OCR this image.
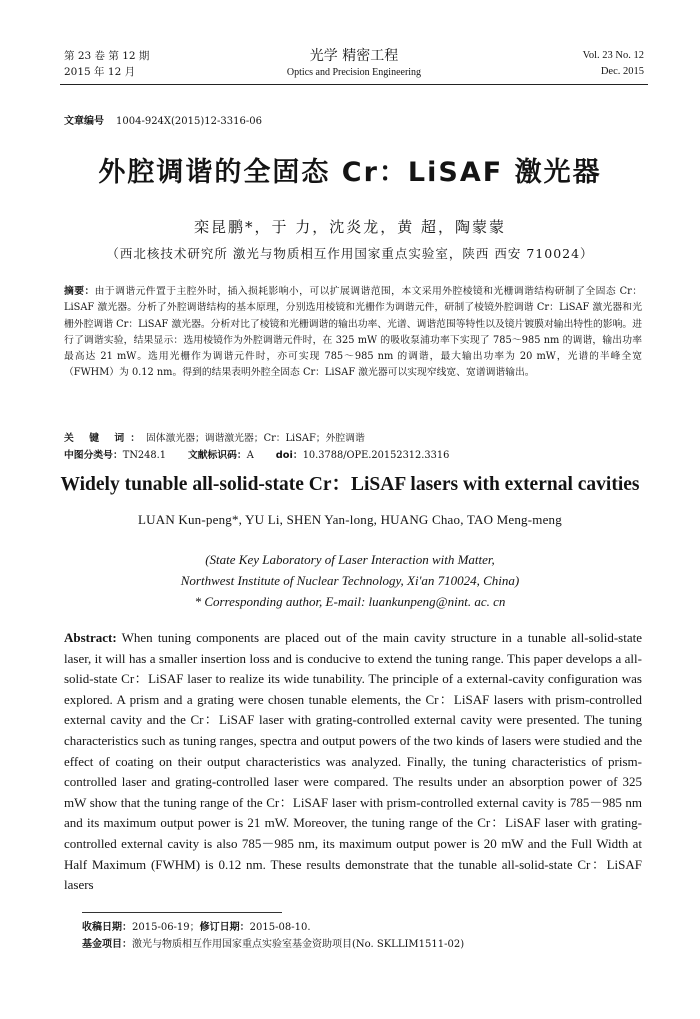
第 23 卷 第 12 期
2015 年 12 月
光学 精密工程
Optics and Precision Engineering
Vol. 23 No. 12
Dec. 2015
文章编号 1004-924X(2015)12-3316-06
外腔调谐的全固态 Cr：LiSAF 激光器
栾昆鹏*，于 力，沈炎龙，黄 超，陶蒙蒙
（西北核技术研究所 激光与物质相互作用国家重点实验室，陕西 西安 710024）
摘要：由于调谐元件置于主腔外时，插入损耗影响小，可以扩展调谐范围，本文采用外腔棱镜和光栅调谐结构研制了全固态 Cr：LiSAF 激光器。分析了外腔调谐结构的基本原理，分别选用棱镜和光栅作为调谐元件，研制了棱镜外腔调谐 Cr：LiSAF 激光器和光栅外腔调谐 Cr：LiSAF 激光器。分析对比了棱镜和光栅调谐的输出功率、光谱、调谐范围等特性以及镜片镀膜对输出特性的影响。进行了调谐实验，结果显示：选用棱镜作为外腔调谐元件时，在 325 mW 的吸收泵浦功率下实现了 785～985 nm 的调谐，输出功率最高达 21 mW。选用光栅作为调谐元件时，亦可实现 785～985 nm 的调谐，最大输出功率为 20 mW，光谱的半峰全宽（FWHM）为 0.12 nm。得到的结果表明外腔全固态 Cr：LiSAF 激光器可以实现窄线宽、宽谱调谐输出。
关 键 词：固体激光器；调谐激光器；Cr：LiSAF；外腔调谐
中图分类号：TN248.1 文献标识码：A doi：10.3788/OPE.20152312.3316
Widely tunable all-solid-state Cr：LiSAF lasers with external cavities
LUAN Kun-peng*, YU Li, SHEN Yan-long, HUANG Chao, TAO Meng-meng
(State Key Laboratory of Laser Interaction with Matter,
Northwest Institute of Nuclear Technology, Xi'an 710024, China)
* Corresponding author, E-mail: luankunpeng@nint. ac. cn
Abstract: When tuning components are placed out of the main cavity structure in a tunable all-solid-state laser, it will has a smaller insertion loss and is conducive to extend the tuning range. This paper develops a all-solid-state Cr：LiSAF laser to realize its wide tunability. The principle of a external-cavity configuration was explored. A prism and a grating were chosen tunable elements, the Cr：LiSAF lasers with prism-controlled external cavity and the Cr：LiSAF laser with grating-controlled external cavity were presented. The tuning characteristics such as tuning ranges, spectra and output powers of the two kinds of lasers were studied and the effect of coating on their output characteristics was analyzed. Finally, the tuning characteristics of prism-controlled laser and grating-controlled laser were compared. The results under an absorption power of 325 mW show that the tuning range of the Cr：LiSAF laser with prism-controlled external cavity is 785－985 nm and its maximum output power is 21 mW. Moreover, the tuning range of the Cr：LiSAF laser with grating-controlled external cavity is also 785－985 nm, its maximum output power is 20 mW and the Full Width at Half Maximum (FWHM) is 0.12 nm. These results demonstrate that the tunable all-solid-state Cr：LiSAF lasers
收稿日期：2015-06-19；修订日期：2015-08-10.
基金项目：激光与物质相互作用国家重点实验室基金资助项目(No. SKLLIM1511-02)
